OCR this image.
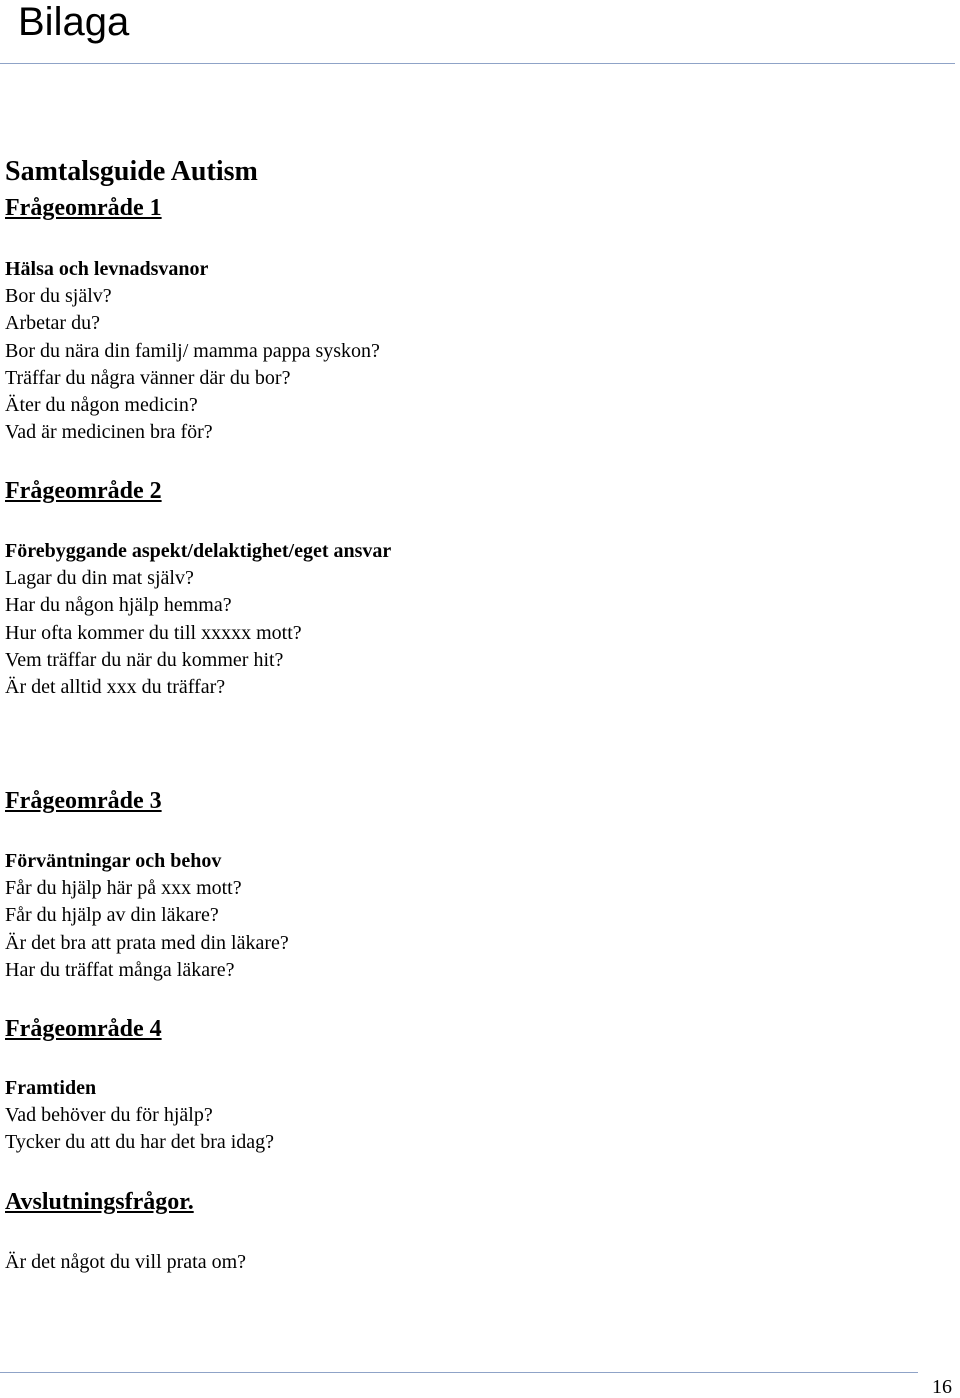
Bilaga
Samtalsguide Autism
Frågeområde 1
Hälsa och levnadsvanor
Bor du själv?
Arbetar du?
Bor du nära din familj/ mamma pappa syskon?
Träffar du några vänner där du bor?
Äter du någon medicin?
Vad är medicinen bra för?
Frågeområde 2
Förebyggande aspekt/delaktighet/eget ansvar
Lagar du din mat själv?
Har du någon hjälp hemma?
Hur ofta kommer du till xxxxx mott?
Vem träffar du när du kommer hit?
Är det alltid xxx du träffar?
Frågeområde 3
Förväntningar och behov
Får du hjälp här på xxx mott?
Får du hjälp av din läkare?
Är det bra att prata med din läkare?
Har du träffat många läkare?
Frågeområde 4
Framtiden
Vad behöver du för hjälp?
Tycker du att du har det bra idag?
Avslutningsfrågor.
Är det något du vill prata om?
16
